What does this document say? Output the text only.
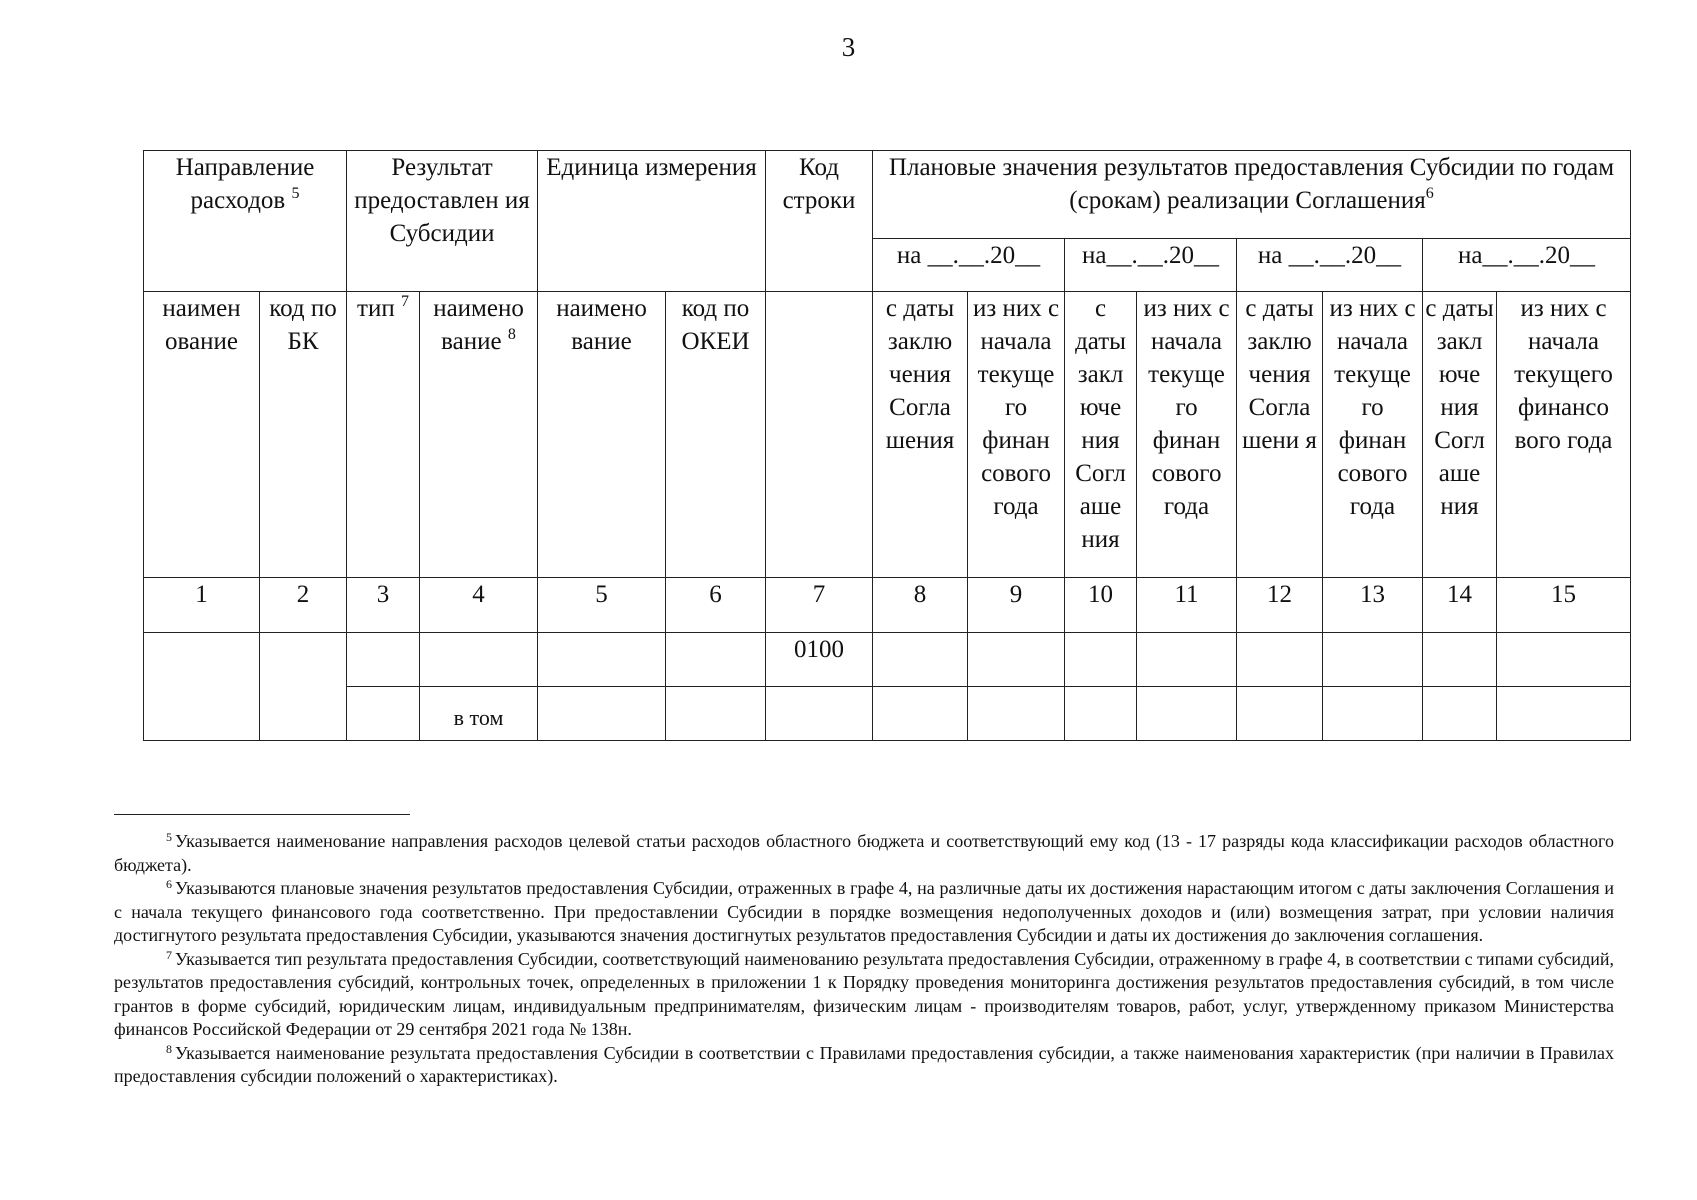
3
Направление расходов $^5$		Результат предоставлен ия Субсидии		Единица измерения		Код строки	Плановые значения результатов предоставления Субсидии по годам (срокам) реализации Соглашения$^6$
							на __.__.20__		на__.__.20__		на __.__.20__		на__.__.20__	
наимен ование	код по БК	тип $^7$	наимено вание $^8$	наимено вание	код по ОКЕИ		с даты заклю чения Согла шения	из них с начала текуще го финан сового года	с даты закл юче ния Согл аше ния	из них с начала текуще го финан сового года	с даты заклю чения Согла шени я	из них с начала текуще го финан сового года	с даты закл юче ния Согл аше ния	из них с начала текущего финансо вого года
1	2	3	4	5	6	7	8	9	10	11	12	13	14	15
						0100								
			в том											

$^5$ Указывается наименование направления расходов целевой статьи расходов областного бюджета и соответствующий ему код (13 - 17 разряды кода классификации расходов областного бюджета).

$^6$ Указываются плановые значения результатов предоставления Субсидии, отраженных в графе 4, на различные даты их достижения нарастающим итогом с даты заключения Соглашения и с начала текущего финансового года соответственно. При предоставлении Субсидии в порядке возмещения недополученных доходов и (или) возмещения затрат, при условии наличия достигнутого результата предоставления Субсидии, указываются значения достигнутых результатов предоставления Субсидии и даты их достижения до заключения соглашения.

$^7$ Указывается тип результата предоставления Субсидии, соответствующий наименованию результата предоставления Субсидии, отраженному в графе 4, в соответствии с типами субсидий, результатов предоставления субсидий, контрольных точек, определенных в приложении 1 к Порядку проведения мониторинга достижения результатов предоставления субсидий, в том числе грантов в форме субсидий, юридическим лицам, индивидуальным предпринимателям, физическим лицам - производителям товаров, работ, услуг, утвержденному приказом Министерства финансов Российской Федерации от 29 сентября 2021 года № 138н.

$^8$ Указывается наименование результата предоставления Субсидии в соответствии с Правилами предоставления субсидии, а также наименования характеристик (при наличии в Правилах предоставления субсидии положений о характеристиках).
